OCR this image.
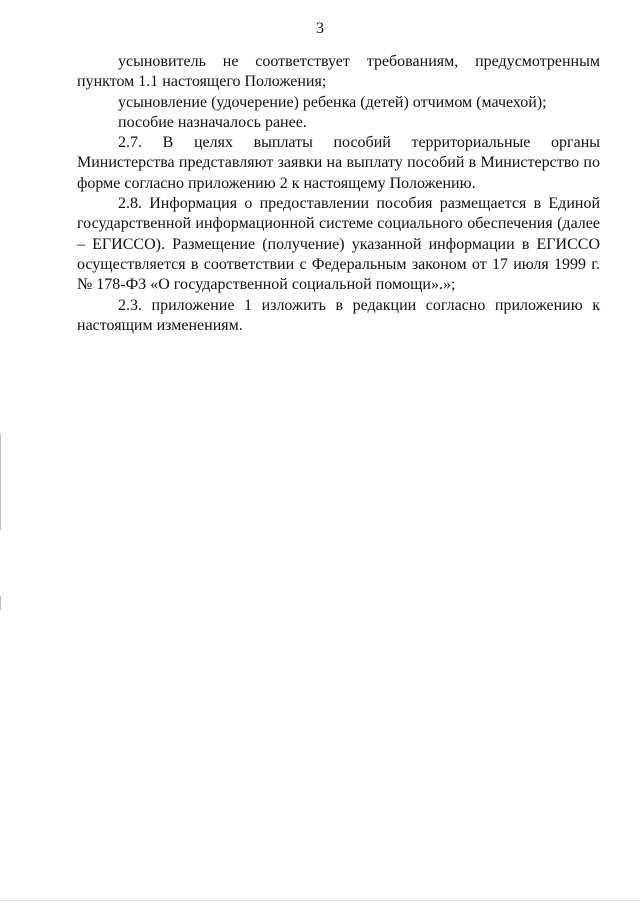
3

усыновитель не соответствует требованиям, предусмотренным пунктом 1.1 настоящего Положения;

усыновление (удочерение) ребенка (детей) отчимом (мачехой);

пособие назначалось ранее.

2.7. В целях выплаты пособий территориальные органы Министерства представляют заявки на выплату пособий в Министерство по форме согласно приложению 2 к настоящему Положению.

2.8. Информация о предоставлении пособия размещается в Единой государственной информационной системе социального обеспечения (далее – ЕГИССО). Размещение (получение) указанной информации в ЕГИССО осуществляется в соответствии с Федеральным законом от 17 июля 1999 г. № 178-ФЗ «О государственной социальной помощи».»;

2.3. приложение 1 изложить в редакции согласно приложению к настоящим изменениям.
